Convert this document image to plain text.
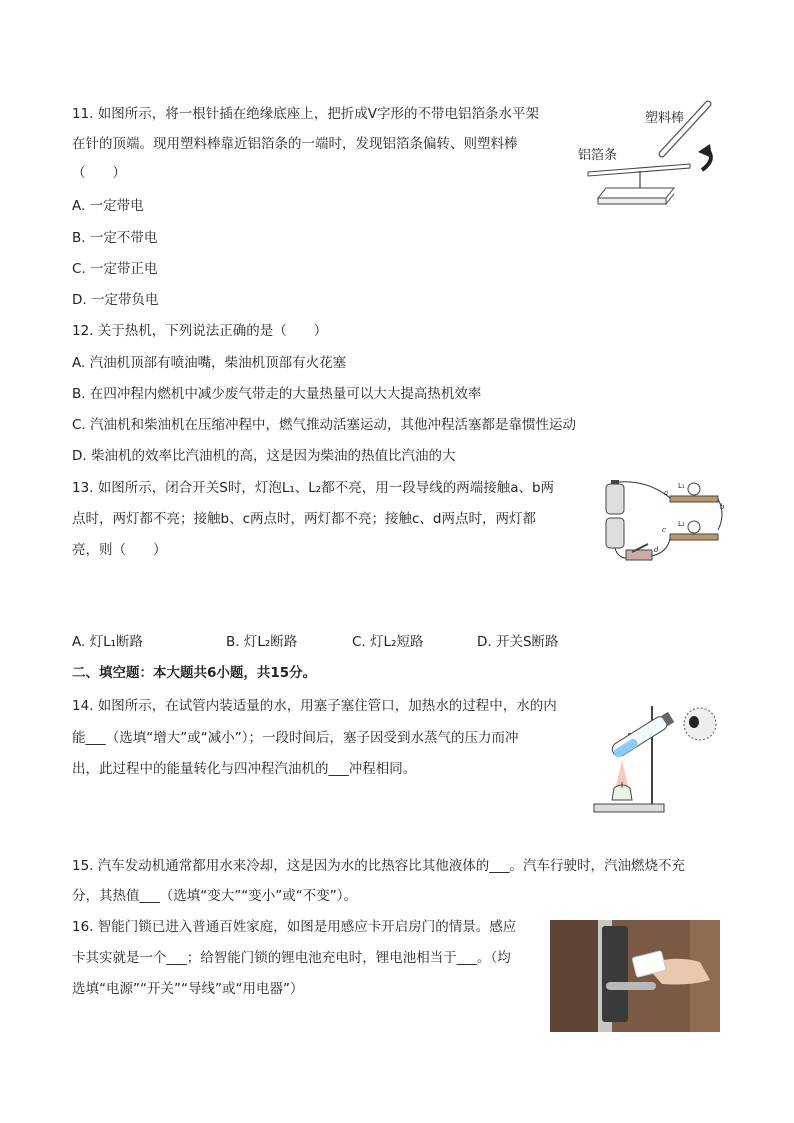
11. 如图所示，将一根针插在绝缘底座上，把折成V字形的不带电铝箔条水平架
在针的顶端。现用塑料棒靠近铝箔条的一端时，发现铝箔条偏转、则塑料棒
（　　）
A. 一定带电
B. 一定不带电
C. 一定带正电
D. 一定带负电
塑料棒
铝箔条
12. 关于热机，下列说法正确的是（　　）
A. 汽油机顶部有喷油嘴，柴油机顶部有火花塞
B. 在四冲程内燃机中减少废气带走的大量热量可以大大提高热机效率
C. 汽油机和柴油机在压缩冲程中，燃气推动活塞运动，其他冲程活塞都是靠惯性运动
D. 柴油机的效率比汽油机的高，这是因为柴油的热值比汽油的大
13. 如图所示，闭合开关S时，灯泡L₁、L₂都不亮，用一段导线的两端接触a、b两
点时，两灯都不亮；接触b、c两点时，两灯都不亮；接触c、d两点时，两灯都
亮，则（　　）
L₁
L₂
a
b
c
d
A. 灯L₁断路	B. 灯L₂断路	C. 灯L₂短路	D. 开关S断路
二、填空题：本大题共6小题，共15分。
14. 如图所示，在试管内装适量的水，用塞子塞住管口，加热水的过程中，水的内
能___（选填“增大”或“减小”）；一段时间后，塞子因受到水蒸气的压力而冲
出，此过程中的能量转化与四冲程汽油机的___冲程相同。
15. 汽车发动机通常都用水来冷却，这是因为水的比热容比其他液体的___。汽车行驶时，汽油燃烧不充
分，其热值___（选填“变大”“变小”或“不变”）。
16. 智能门锁已进入普通百姓家庭，如图是用感应卡开启房门的情景。感应
卡其实就是一个___；给智能门锁的锂电池充电时，锂电池相当于___。（均
选填“电源”“开关”“导线”或“用电器”）
